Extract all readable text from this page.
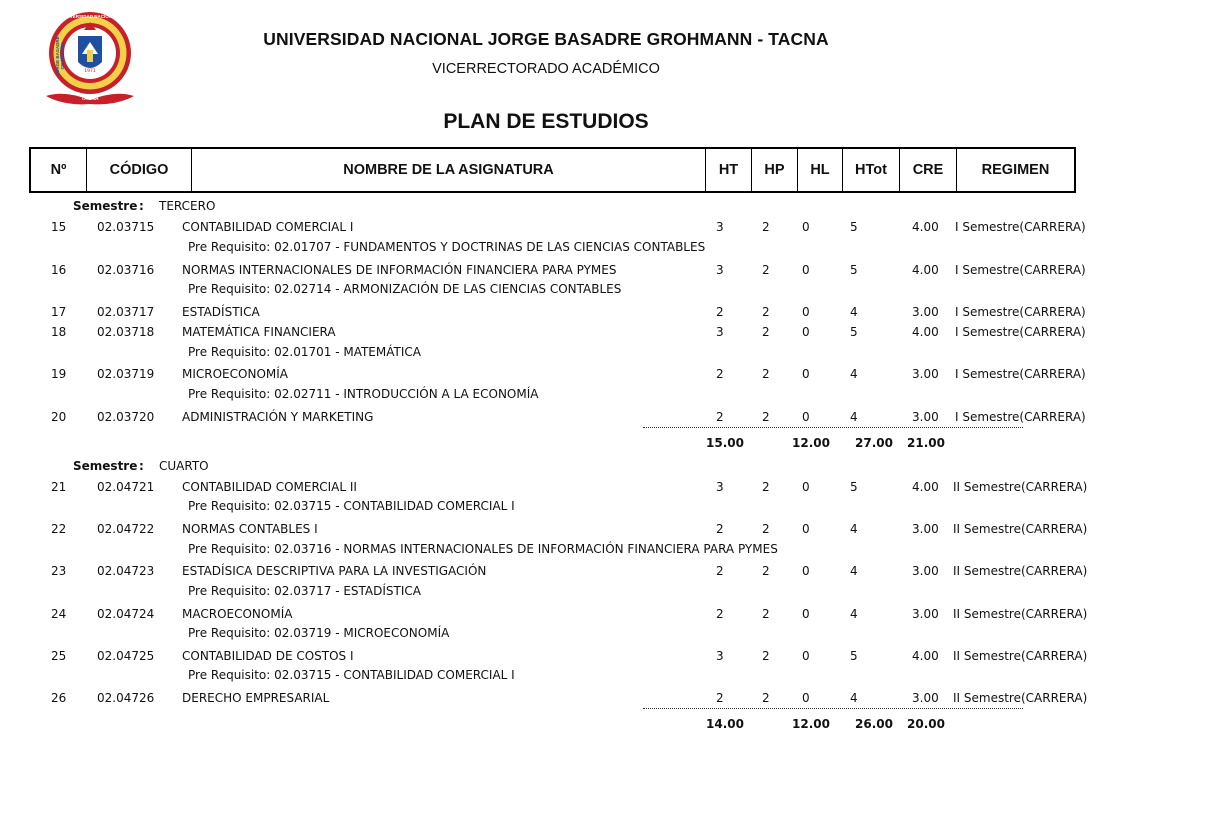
1971
UNIVERSIDAD NACIONAL
JORGE BASADRE GROHMANN
TACNA
UNIVERSIDAD NACIONAL JORGE BASADRE GROHMANN - TACNA
VICERRECTORADO ACADÉMICO
PLAN DE ESTUDIOS
Nº	CÓDIGO	NOMBRE DE LA ASIGNATURA	HT	HP	HL	HTot	CRE	REGIMEN
Semestre : TERCERO
15	02.03715 CONTABILIDAD COMERCIAL I	3	2	0	5	4.00 I Semestre(CARRERA)
Pre Requisito: 02.01707 - FUNDAMENTOS Y DOCTRINAS DE LAS CIENCIAS CONTABLES
16	02.03716 NORMAS INTERNACIONALES DE INFORMACIÓN FINANCIERA PARA PYMES	3	2	0	5	4.00 I Semestre(CARRERA)
Pre Requisito: 02.02714 - ARMONIZACIÓN DE LAS CIENCIAS CONTABLES
17	02.03717 ESTADÍSTICA	2	2	0	4	3.00 I Semestre(CARRERA)
18	02.03718 MATEMÁTICA FINANCIERA	3	2	0	5	4.00 I Semestre(CARRERA)
Pre Requisito: 02.01701 - MATEMÁTICA
19	02.03719 MICROECONOMÍA	2	2	0	4	3.00 I Semestre(CARRERA)
Pre Requisito: 02.02711 - INTRODUCCIÓN A LA ECONOMÍA
20	02.03720 ADMINISTRACIÓN Y MARKETING	2	2	0	4	3.00 I Semestre(CARRERA)
15.00	12.00 27.00 21.00
Semestre : CUARTO
21	02.04721 CONTABILIDAD COMERCIAL II	3	2	0	5	4.00 II Semestre(CARRERA)
Pre Requisito: 02.03715 - CONTABILIDAD COMERCIAL I
22	02.04722 NORMAS CONTABLES I	2	2	0	4	3.00 II Semestre(CARRERA)
Pre Requisito: 02.03716 - NORMAS INTERNACIONALES DE INFORMACIÓN FINANCIERA PARA PYMES
23	02.04723 ESTADÍSICA DESCRIPTIVA PARA LA INVESTIGACIÓN	2	2	0	4	3.00 II Semestre(CARRERA)
Pre Requisito: 02.03717 - ESTADÍSTICA
24	02.04724 MACROECONOMÍA	2	2	0	4	3.00 II Semestre(CARRERA)
Pre Requisito: 02.03719 - MICROECONOMÍA
25	02.04725 CONTABILIDAD DE COSTOS I	3	2	0	5	4.00 II Semestre(CARRERA)
Pre Requisito: 02.03715 - CONTABILIDAD COMERCIAL I
26	02.04726 DERECHO EMPRESARIAL	2	2	0	4	3.00 II Semestre(CARRERA)
14.00	12.00 26.00 20.00
